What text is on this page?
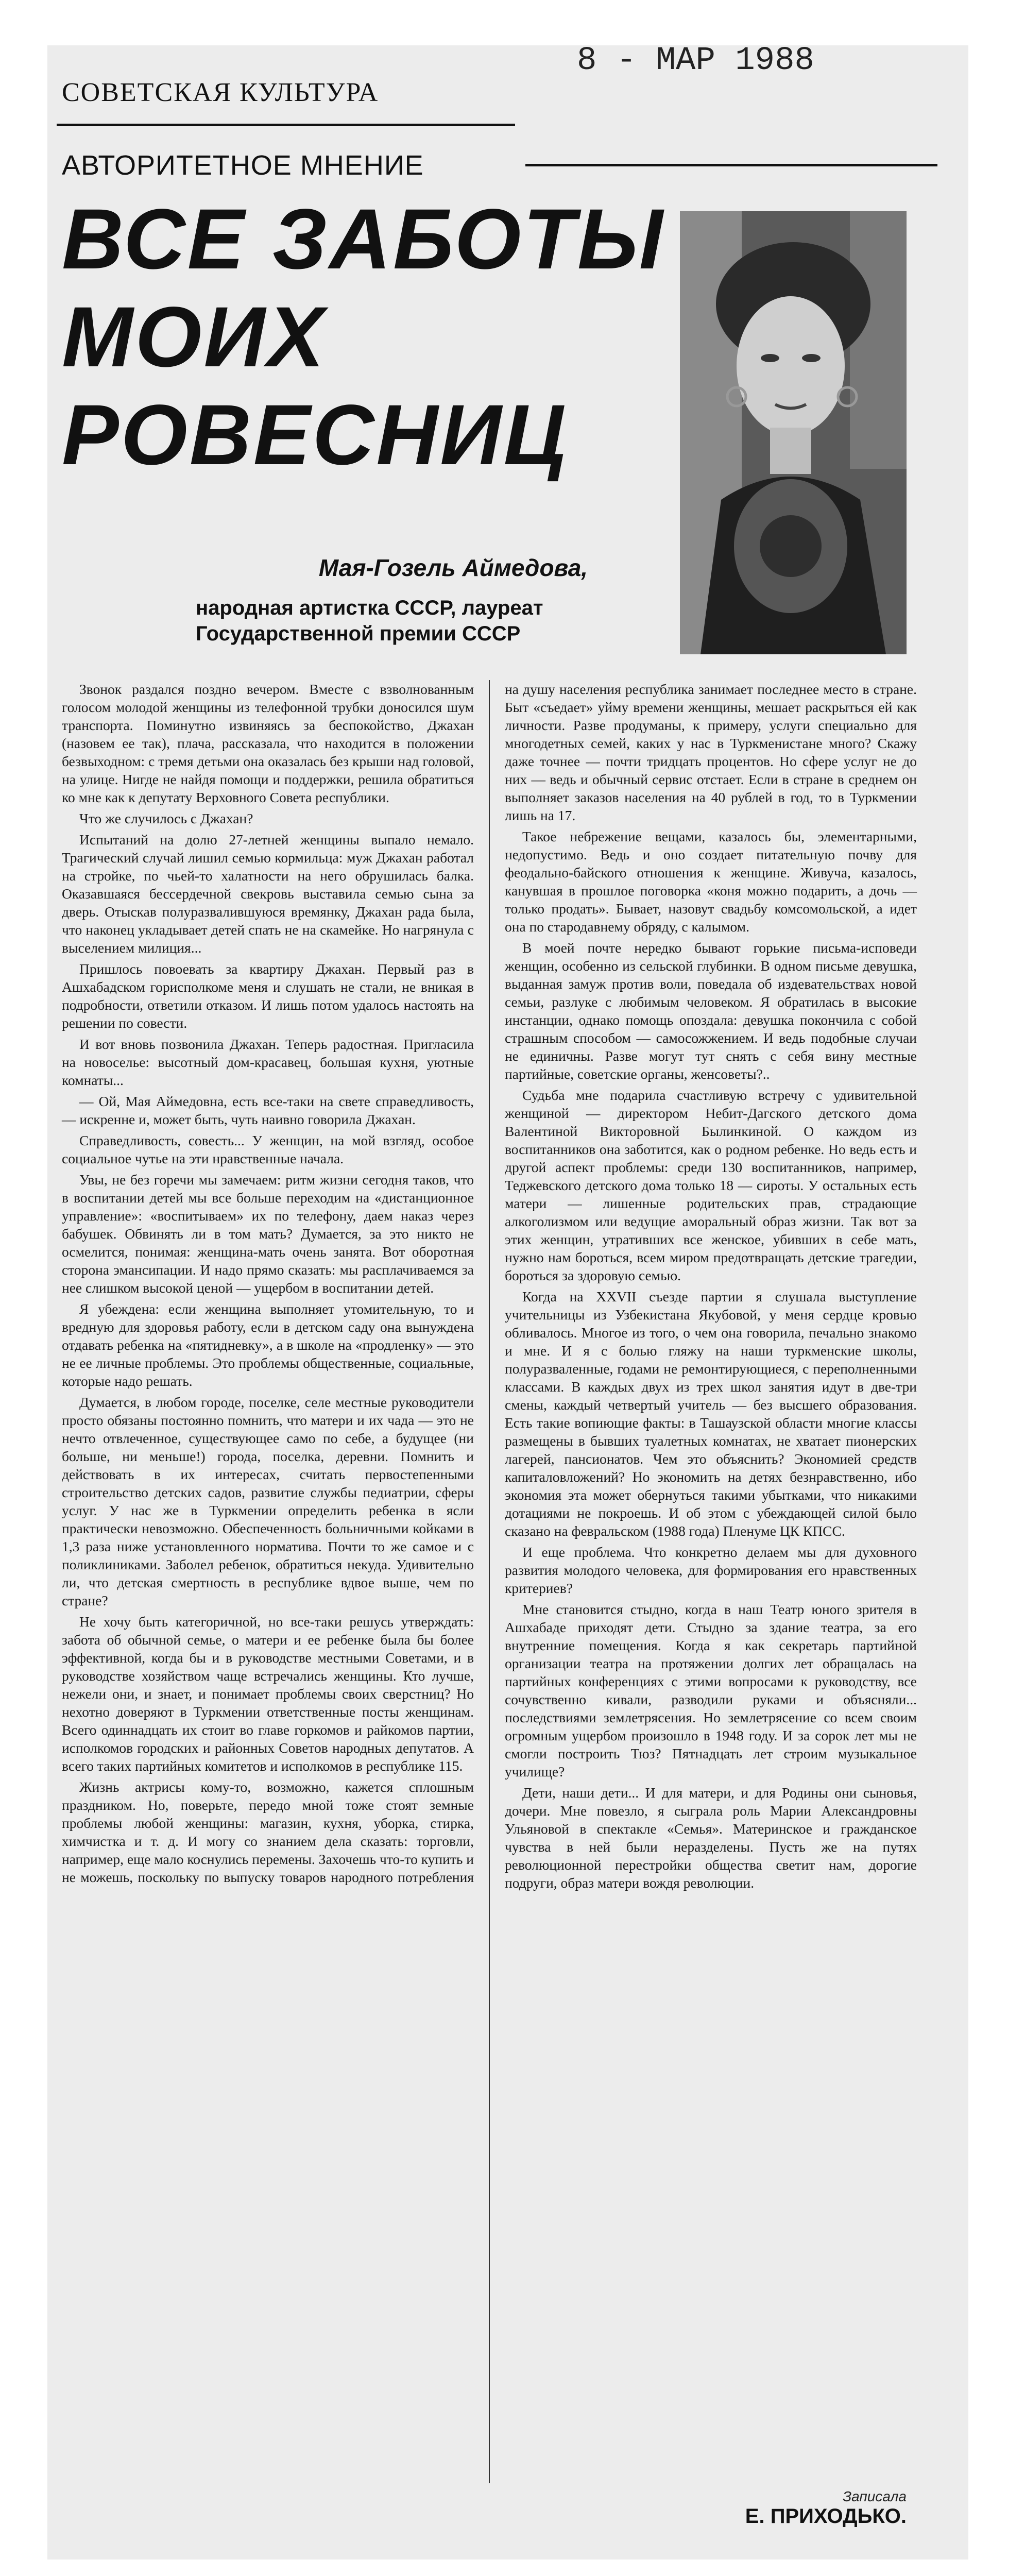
СОВЕТСКАЯ КУЛЬТУРА
8 - МАР 1988
АВТОРИТЕТНОЕ МНЕНИЕ
ВСЕ ЗАБОТЫ
МОИХ
РОВЕСНИЦ
Мая-Гозель Аймедова,
народная артистка СССР, лауреат Государственной премии СССР

Звонок раздался поздно вечером. Вместе с взволнованным голосом молодой женщины из телефонной трубки доносился шум транспорта. Поминутно извиняясь за беспокойство, Джахан (назовем ее так), плача, рассказала, что находится в положении безвыходном: с тремя детьми она оказалась без крыши над головой, на улице. Нигде не найдя помощи и поддержки, решила обратиться ко мне как к депутату Верховного Совета республики.

Что же случилось с Джахан?

Испытаний на долю 27-летней женщины выпало немало. Трагический случай лишил семью кормильца: муж Джахан работал на стройке, по чьей-то халатности на него обрушилась балка. Оказавшаяся бессердечной свекровь выставила семью сына за дверь. Отыскав полуразвалившуюся времянку, Джахан рада была, что наконец укладывает детей спать не на скамейке. Но нагрянула с выселением милиция...

Пришлось повоевать за квартиру Джахан. Первый раз в Ашхабадском горисполкоме меня и слушать не стали, не вникая в подробности, ответили отказом. И лишь потом удалось настоять на решении по совести.

И вот вновь позвонила Джахан. Теперь радостная. Пригласила на новоселье: высотный дом-красавец, большая кухня, уютные комнаты...

— Ой, Мая Аймедовна, есть все-таки на свете справедливость,— искренне и, может быть, чуть наивно говорила Джахан.

Справедливость, совесть... У женщин, на мой взгляд, особое социальное чутье на эти нравственные начала.

Увы, не без горечи мы замечаем: ритм жизни сегодня таков, что в воспитании детей мы все больше переходим на «дистанционное управление»: «воспитываем» их по телефону, даем наказ через бабушек. Обвинять ли в том мать? Думается, за это никто не осмелится, понимая: женщина-мать очень занята. Вот оборотная сторона эмансипации. И надо прямо сказать: мы расплачиваемся за нее слишком высокой ценой — ущербом в воспитании детей.

Я убеждена: если женщина выполняет утомительную, то и вредную для здоровья работу, если в детском саду она вынуждена отдавать ребенка на «пятидневку», а в школе на «продленку» — это не ее личные проблемы. Это проблемы общественные, социальные, которые надо решать.

Думается, в любом городе, поселке, селе местные руководители просто обязаны постоянно помнить, что матери и их чада — это не нечто отвлеченное, существующее само по себе, а будущее (ни больше, ни меньше!) города, поселка, деревни. Помнить и действовать в их интересах, считать первостепенными строительство детских садов, развитие службы педиатрии, сферы услуг. У нас же в Туркмении определить ребенка в ясли практически невозможно. Обеспеченность больничными койками в 1,3 раза ниже установленного норматива. Почти то же самое и с поликлиниками. Заболел ребенок, обратиться некуда. Удивительно ли, что детская смертность в республике вдвое выше, чем по стране?

Не хочу быть категоричной, но все-таки решусь утверждать: забота об обычной семье, о матери и ее ребенке была бы более эффективной, когда бы и в руководстве местными Советами, и в руководстве хозяйством чаще встречались женщины. Кто лучше, нежели они, и знает, и понимает проблемы своих сверстниц? Но нехотно доверяют в Туркмении ответственные посты женщинам. Всего одиннадцать их стоит во главе горкомов и райкомов партии, исполкомов городских и районных Советов народных депутатов. А всего таких партийных комитетов и исполкомов в республике 115.

Жизнь актрисы кому-то, возможно, кажется сплошным праздником. Но, поверьте, передо мной тоже стоят земные проблемы любой женщины: магазин, кухня, уборка, стирка, химчистка и т. д. И могу со знанием дела сказать: торговли, например, еще мало коснулись перемены. Захочешь что-то купить и не можешь, поскольку по выпуску товаров народного потребления на душу населения республика занимает последнее место в стране. Быт «съедает» уйму времени женщины, мешает раскрыться ей как личности. Разве продуманы, к примеру, услуги специально для многодетных семей, каких у нас в Туркменистане много? Скажу даже точнее — почти тридцать процентов. Но сфере услуг не до них — ведь и обычный сервис отстает. Если в стране в среднем он выполняет заказов населения на 40 рублей в год, то в Туркмении лишь на 17.

Такое небрежение вещами, казалось бы, элементарными, недопустимо. Ведь и оно создает питательную почву для феодально-байского отношения к женщине. Живуча, казалось, канувшая в прошлое поговорка «коня можно подарить, а дочь — только продать». Бывает, назовут свадьбу комсомольской, а идет она по стародавнему обряду, с калымом.

В моей почте нередко бывают горькие письма-исповеди женщин, особенно из сельской глубинки. В одном письме девушка, выданная замуж против воли, поведала об издевательствах новой семьи, разлуке с любимым человеком. Я обратилась в высокие инстанции, однако помощь опоздала: девушка покончила с собой страшным способом — самосожжением. И ведь подобные случаи не единичны. Разве могут тут снять с себя вину местные партийные, советские органы, женсоветы?..

Судьба мне подарила счастливую встречу с удивительной женщиной — директором Небит-Дагского детского дома Валентиной Викторовной Былинкиной. О каждом из воспитанников она заботится, как о родном ребенке. Но ведь есть и другой аспект проблемы: среди 130 воспитанников, например, Теджевского детского дома только 18 — сироты. У остальных есть матери — лишенные родительских прав, страдающие алкоголизмом или ведущие аморальный образ жизни. Так вот за этих женщин, утративших все женское, убивших в себе мать, нужно нам бороться, всем миром предотвращать детские трагедии, бороться за здоровую семью.

Когда на XXVII съезде партии я слушала выступление учительницы из Узбекистана Якубовой, у меня сердце кровью обливалось. Многое из того, о чем она говорила, печально знакомо и мне. И я с болью гляжу на наши туркменские школы, полуразваленные, годами не ремонтирующиеся, с переполненными классами. В каждых двух из трех школ занятия идут в две-три смены, каждый четвертый учитель — без высшего образования. Есть такие вопиющие факты: в Ташаузской области многие классы размещены в бывших туалетных комнатах, не хватает пионерских лагерей, пансионатов. Чем это объяснить? Экономией средств капиталовложений? Но экономить на детях безнравственно, ибо экономия эта может обернуться такими убытками, что никакими дотациями не покроешь. И об этом с убеждающей силой было сказано на февральском (1988 года) Пленуме ЦК КПСС.

И еще проблема. Что конкретно делаем мы для духовного развития молодого человека, для формирования его нравственных критериев?

Мне становится стыдно, когда в наш Театр юного зрителя в Ашхабаде приходят дети. Стыдно за здание театра, за его внутренние помещения. Когда я как секретарь партийной организации театра на протяжении долгих лет обращалась на партийных конференциях с этими вопросами к руководству, все сочувственно кивали, разводили руками и объясняли... последствиями землетрясения. Но землетрясение со всем своим огромным ущербом произошло в 1948 году. И за сорок лет мы не смогли построить Тюз? Пятнадцать лет строим музыкальное училище?

Дети, наши дети... И для матери, и для Родины они сыновья, дочери. Мне повезло, я сыграла роль Марии Александровны Ульяновой в спектакле «Семья». Материнское и гражданское чувства в ней были неразделены. Пусть же на путях революционной перестройки общества светит нам, дорогие подруги, образ матери вождя революции.

Записала
Е. ПРИХОДЬКО.
